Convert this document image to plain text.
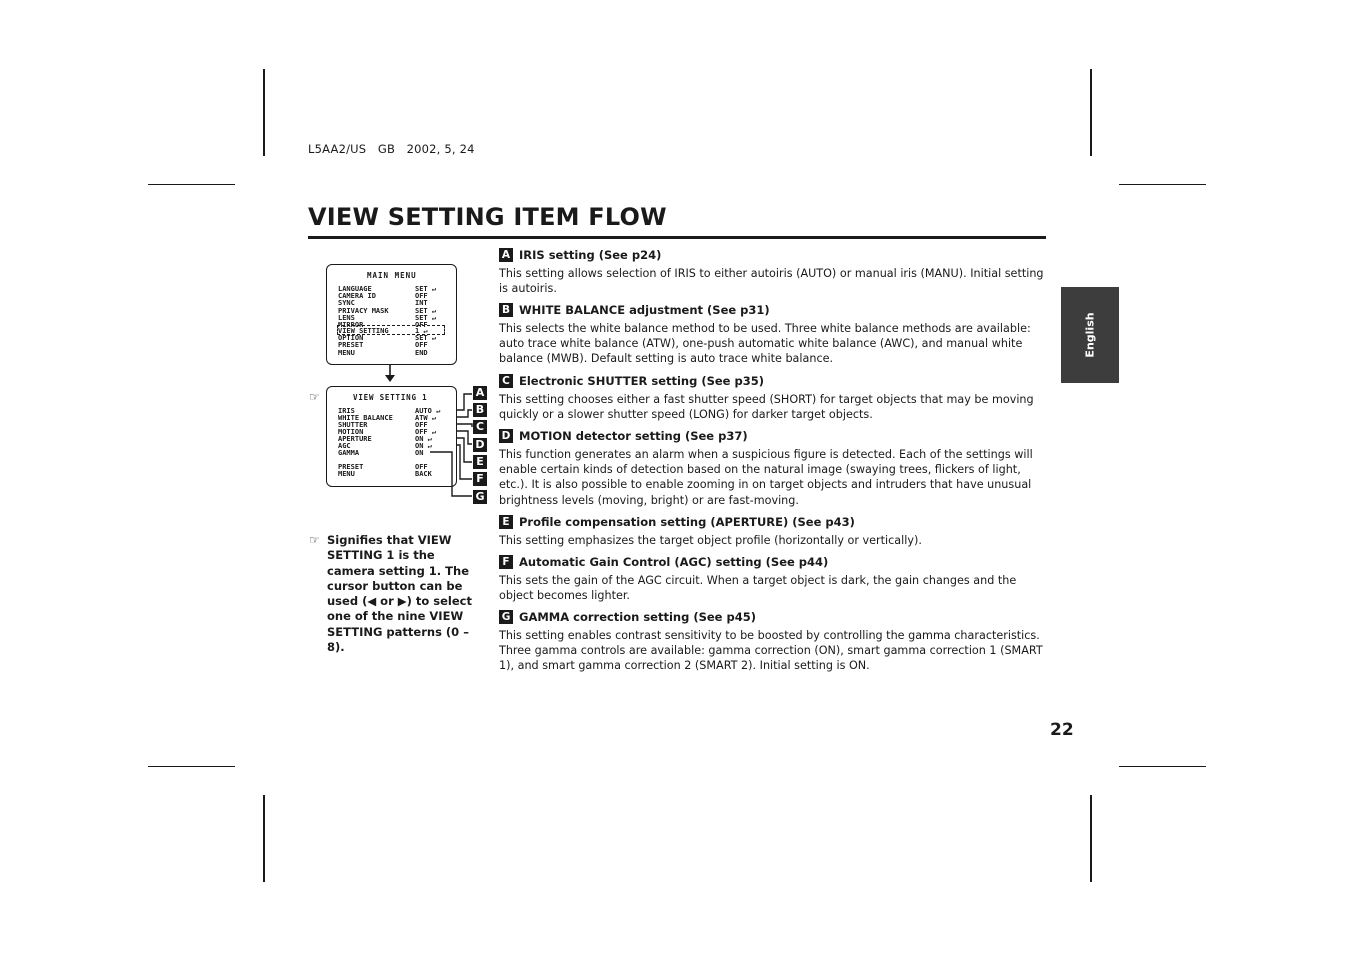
L5AA2/US   GB   2002, 5, 24
VIEW SETTING ITEM FLOW
English
MAIN MENU
LANGUAGE	SET ↵
CAMERA ID	OFF
SYNC	INT
PRIVACY MASK	SET ↵
LENS	SET ↵
MIRROR	OFF
VIEW SETTING	1 ↵
OPTION	SET ↵
PRESET	OFF
MENU	END
☞	VIEW SETTING 1
IRIS	AUTO ↵
WHITE BALANCE	ATW ↵
SHUTTER	OFF
MOTION	OFF ↵
APERTURE	ON ↵
AGC	ON ↵
GAMMA	ON
PRESET	OFF
MENU	BACK
A
B
C
D
E
F
G
☞ Signifies that VIEW SETTING 1 is the camera setting 1. The cursor button can be used (◀ or ▶) to select one of the nine VIEW SETTING patterns (0 – 8).
A IRIS setting (See p24)
This setting allows selection of IRIS to either autoiris (AUTO) or manual iris (MANU). Initial setting is autoiris.
B WHITE BALANCE adjustment (See p31)
This selects the white balance method to be used. Three white balance methods are available: auto trace white balance (ATW), one-push automatic white balance (AWC), and manual white balance (MWB). Default setting is auto trace white balance.
C Electronic SHUTTER setting (See p35)
This setting chooses either a fast shutter speed (SHORT) for target objects that may be moving quickly or a slower shutter speed (LONG) for darker target objects.
D MOTION detector setting (See p37)
This function generates an alarm when a suspicious figure is detected. Each of the settings will enable certain kinds of detection based on the natural image (swaying trees, flickers of light, etc.). It is also possible to enable zooming in on target objects and intruders that have unusual brightness levels (moving, bright) or are fast-moving.
E Profile compensation setting (APERTURE) (See p43)
This setting emphasizes the target object profile (horizontally or vertically).
F Automatic Gain Control (AGC) setting (See p44)
This sets the gain of the AGC circuit. When a target object is dark, the gain changes and the object becomes lighter.
G GAMMA correction setting (See p45)
This setting enables contrast sensitivity to be boosted by controlling the gamma characteristics. Three gamma controls are available: gamma correction (ON), smart gamma correction 1 (SMART 1), and smart gamma correction 2 (SMART 2). Initial setting is ON.
22
